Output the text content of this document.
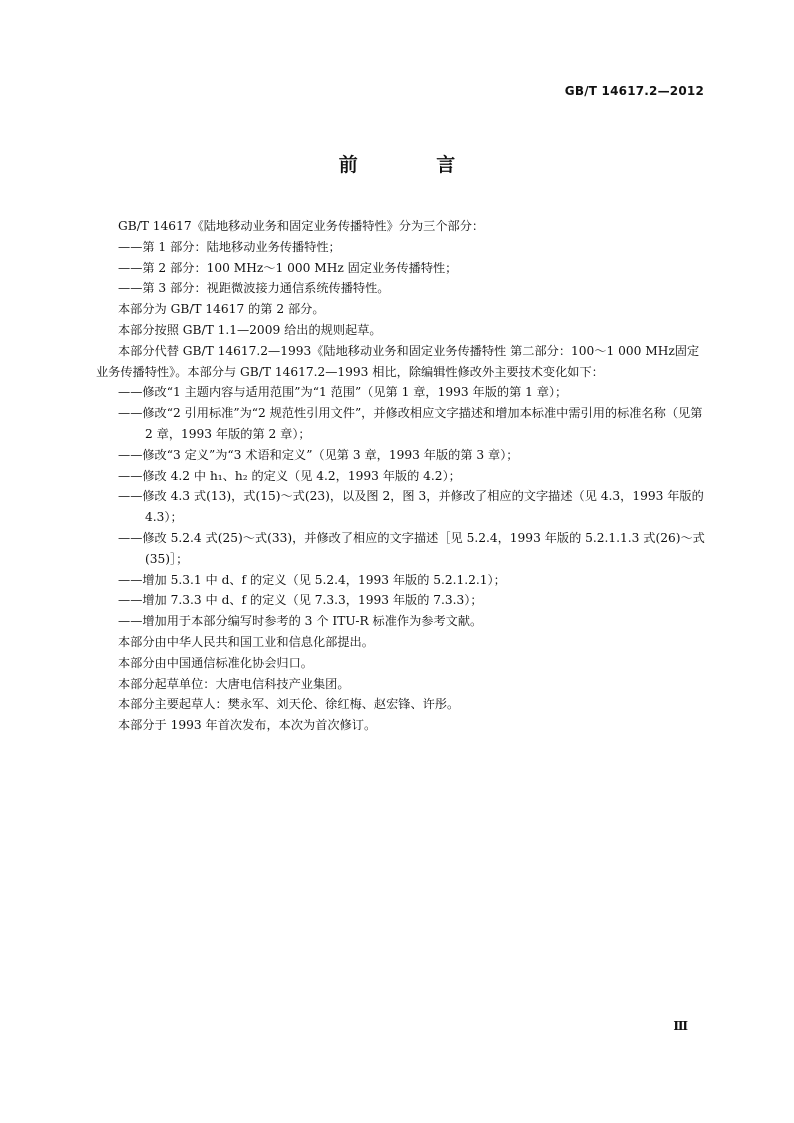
GB/T 14617.2—2012
前 言

GB/T 14617《陆地移动业务和固定业务传播特性》分为三个部分：

——第 1 部分：陆地移动业务传播特性；

——第 2 部分：100 MHz～1 000 MHz 固定业务传播特性；

——第 3 部分：视距微波接力通信系统传播特性。

本部分为 GB/T 14617 的第 2 部分。

本部分按照 GB/T 1.1—2009 给出的规则起草。

本部分代替 GB/T 14617.2—1993《陆地移动业务和固定业务传播特性 第二部分：100～1 000 MHz固定业务传播特性》。本部分与 GB/T 14617.2—1993 相比，除编辑性修改外主要技术变化如下：

——修改“1 主题内容与适用范围”为“1 范围”（见第 1 章，1993 年版的第 1 章）；

——修改“2 引用标准”为“2 规范性引用文件”，并修改相应文字描述和增加本标准中需引用的标准名称（见第 2 章，1993 年版的第 2 章）；

——修改“3 定义”为“3 术语和定义”（见第 3 章，1993 年版的第 3 章）；

——修改 4.2 中 h₁、h₂ 的定义（见 4.2，1993 年版的 4.2）；

——修改 4.3 式(13)，式(15)～式(23)，以及图 2，图 3，并修改了相应的文字描述（见 4.3，1993 年版的 4.3）；

——修改 5.2.4 式(25)～式(33)，并修改了相应的文字描述［见 5.2.4，1993 年版的 5.2.1.1.3 式(26)～式(35)］；

——增加 5.3.1 中 d、f 的定义（见 5.2.4，1993 年版的 5.2.1.2.1）；

——增加 7.3.3 中 d、f 的定义（见 7.3.3，1993 年版的 7.3.3）；

——增加用于本部分编写时参考的 3 个 ITU-R 标准作为参考文献。

本部分由中华人民共和国工业和信息化部提出。

本部分由中国通信标准化协会归口。

本部分起草单位：大唐电信科技产业集团。

本部分主要起草人：樊永军、刘天伦、徐红梅、赵宏锋、许彤。

本部分于 1993 年首次发布，本次为首次修订。

Ⅲ
